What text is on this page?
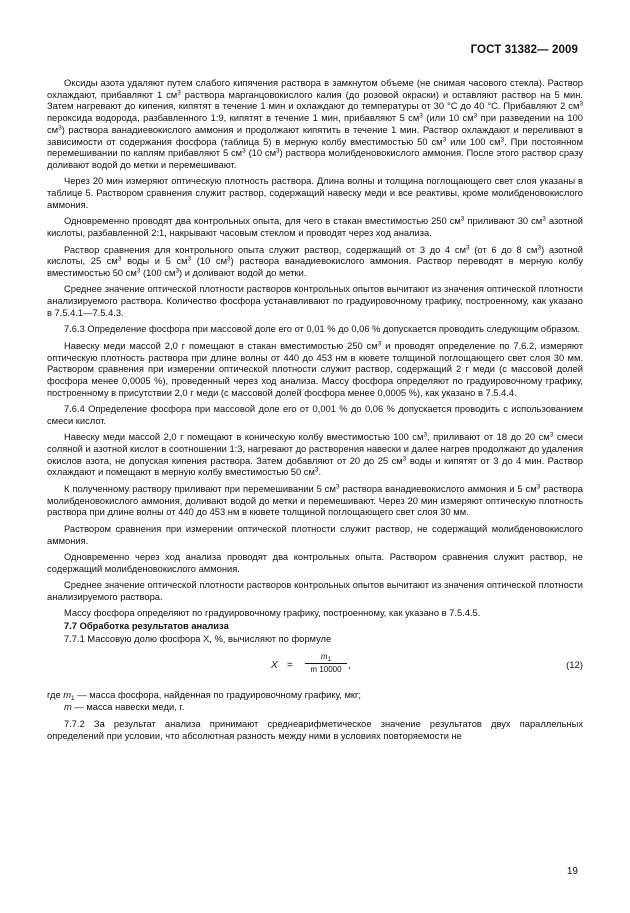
ГОСТ 31382— 2009

Оксиды азота удаляют путем слабого кипячения раствора в замкнутом объеме (не снимая часового стекла). Раствор охлаждают, прибавляют 1 $см^3$ раствора марганцовокислого калия (до розовой окраски) и оставляют раствор на 5 мин. Затем нагревают до кипения, кипятят в течение 1 мин и охлаждают до температуры от 30 °С до 40 °С. Прибавляют 2 $см^3$ пероксида водорода, разбавленного 1:9, кипятят в течение 1 мин, прибавляют 5 $см^3$ (или 10 $см^3$ при разведении на 100 $см^3$) раствора ванадиевокислого аммония и продолжают кипятить в течение 1 мин. Раствор охлаждают и переливают в зависимости от содержания фосфора (таблица 5) в мерную колбу вместимостью 50 $см^3$ или 100 $см^3$. При постоянном перемешивании по каплям прибавляют 5 $см^3$ (10 $см^3$) раствора молибденовокислого аммония. После этого раствор сразу доливают водой до метки и перемешивают.

Через 20 мин измеряют оптическую плотность раствора. Длина волны и толщина поглощающего свет слоя указаны в таблице 5. Раствором сравнения служит раствор, содержащий навеску меди и все реактивы, кроме молибденовокислого аммония.

Одновременно проводят два контрольных опыта, для чего в стакан вместимостью 250 $см^3$ приливают 30 $см^3$ азотной кислоты, разбавленной 2:1, накрывают часовым стеклом и проводят через ход анализа.

Раствор сравнения для контрольного опыта служит раствор, содержащий от 3 до 4 $см^3$ (от 6 до 8 $см^3$) азотной кислоты, 25 $см^3$ воды и 5 $см^3$ (10 $см^3$) раствора ванадиевокислого аммония. Раствор переводят в мерную колбу вместимостью 50 $см^3$ (100 $см^3$) и доливают водой до метки.

Среднее значение оптической плотности растворов контрольных опытов вычитают из значения оптической плотности анализируемого раствора. Количество фосфора устанавливают по градуировочному графику, построенному, как указано в 7.5.4.1—7.5.4.3.

7.6.3 Определение фосфора при массовой доле его от 0,01 % до 0,06 % допускается проводить следующим образом.

Навеску меди массой 2,0 г помещают в стакан вместимостью 250 $см^3$ и проводят определение по 7.6.2, измеряют оптическую плотность раствора при длине волны от 440 до 453 нм в кювете толщиной поглощающего свет слоя 30 мм. Раствором сравнения при измерении оптической плотности служит раствор, содержащий 2 г меди (с массовой долей фосфора менее 0,0005 %), проведенный через ход анализа. Массу фосфора определяют по градуировочному графику, построенному в присутствии 2,0 г меди (с массовой долей фосфора менее 0,0005 %), как указано в 7.5.4.4.

7.6.4 Определение фосфора при массовой доле его от 0,001 % до 0,06 % допускается проводить с использованием смеси кислот.

Навеску меди массой 2,0 г помещают в коническую колбу вместимостью 100 $см^3$, приливают от 18 до 20 $см^3$ смеси соляной и азотной кислот в соотношении 1:3, нагревают до растворения навески и далее нагрев продолжают до удаления окислов азота, не допуская кипения раствора. Затем добавляют от 20 до 25 $см^3$ воды и кипятят от 3 до 4 мин. Раствор охлаждают и помещают в мерную колбу вместимостью 50 $см^3$.

К полученному раствору приливают при перемешивании 5 $см^3$ раствора ванадиевокислого аммония и 5 $см^3$ раствора молибденовокислого аммония, доливают водой до метки и перемешивают. Через 20 мин измеряют оптическую плотность раствора при длине волны от 440 до 453 нм в кювете толщиной поглощающего свет слоя 30 мм.

Раствором сравнения при измерении оптической плотности служит раствор, не содержащий молибденовокислого аммония.

Одновременно через ход анализа проводят два контрольных опыта. Раствором сравнения служит раствор, не содержащий молибденовокислого аммония.

Среднее значение оптической плотности растворов контрольных опытов вычитают из значения оптической плотности анализируемого раствора.

Массу фосфора определяют по градуировочному графику, построенному, как указано в 7.5.4.5.

7.7 Обработка результатов анализа

7.7.1 Массовую долю фосфора X, %, вычисляют по формуле

$X = \frac{m_1}{m 10000}$ ,	(12)

где $m_1$ — масса фосфора, найденная по градуировочному графику, мкг;

m — масса навески меди, г.

7.7.2 За результат анализа принимают среднеарифметическое значение результатов двух параллельных определений при условии, что абсолютная разность между ними в условиях повторяемости не

19
